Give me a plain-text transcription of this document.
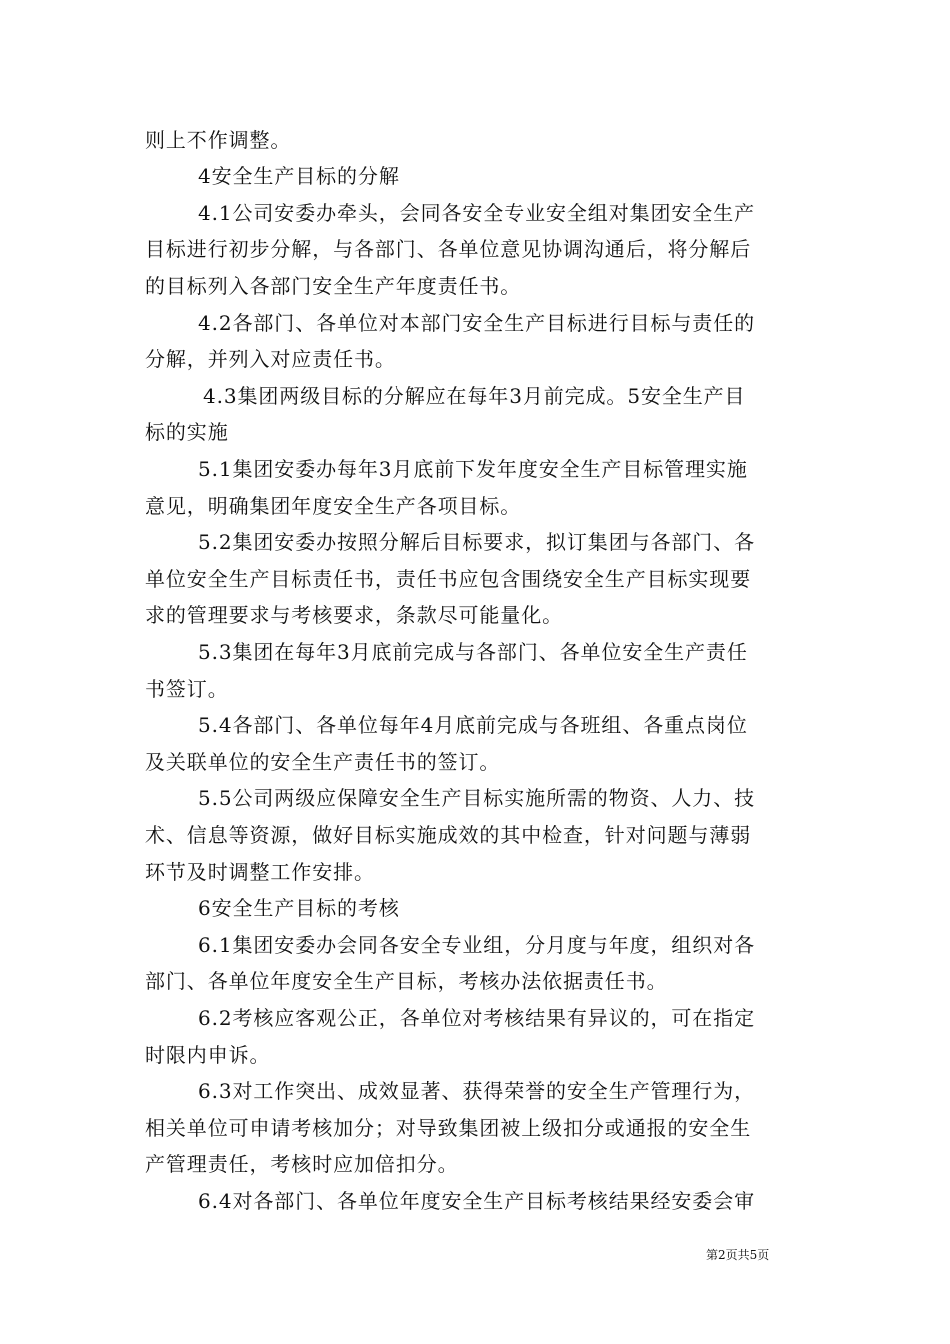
则上不作调整。
4安全生产目标的分解
4.1公司安委办牵头，会同各安全专业安全组对集团安全生产
目标进行初步分解，与各部门、各单位意见协调沟通后，将分解后
的目标列入各部门安全生产年度责任书。
4.2各部门、各单位对本部门安全生产目标进行目标与责任的
分解，并列入对应责任书。
4.3集团两级目标的分解应在每年3月前完成。5安全生产目
标的实施
5.1集团安委办每年3月底前下发年度安全生产目标管理实施
意见，明确集团年度安全生产各项目标。
5.2集团安委办按照分解后目标要求，拟订集团与各部门、各
单位安全生产目标责任书，责任书应包含围绕安全生产目标实现要
求的管理要求与考核要求，条款尽可能量化。
5.3集团在每年3月底前完成与各部门、各单位安全生产责任
书签订。
5.4各部门、各单位每年4月底前完成与各班组、各重点岗位
及关联单位的安全生产责任书的签订。
5.5公司两级应保障安全生产目标实施所需的物资、人力、技
术、信息等资源，做好目标实施成效的其中检查，针对问题与薄弱
环节及时调整工作安排。
6安全生产目标的考核
6.1集团安委办会同各安全专业组，分月度与年度，组织对各
部门、各单位年度安全生产目标，考核办法依据责任书。
6.2考核应客观公正，各单位对考核结果有异议的，可在指定
时限内申诉。
6.3对工作突出、成效显著、获得荣誉的安全生产管理行为，
相关单位可申请考核加分；对导致集团被上级扣分或通报的安全生
产管理责任，考核时应加倍扣分。
6.4对各部门、各单位年度安全生产目标考核结果经安委会审
第2页共5页
